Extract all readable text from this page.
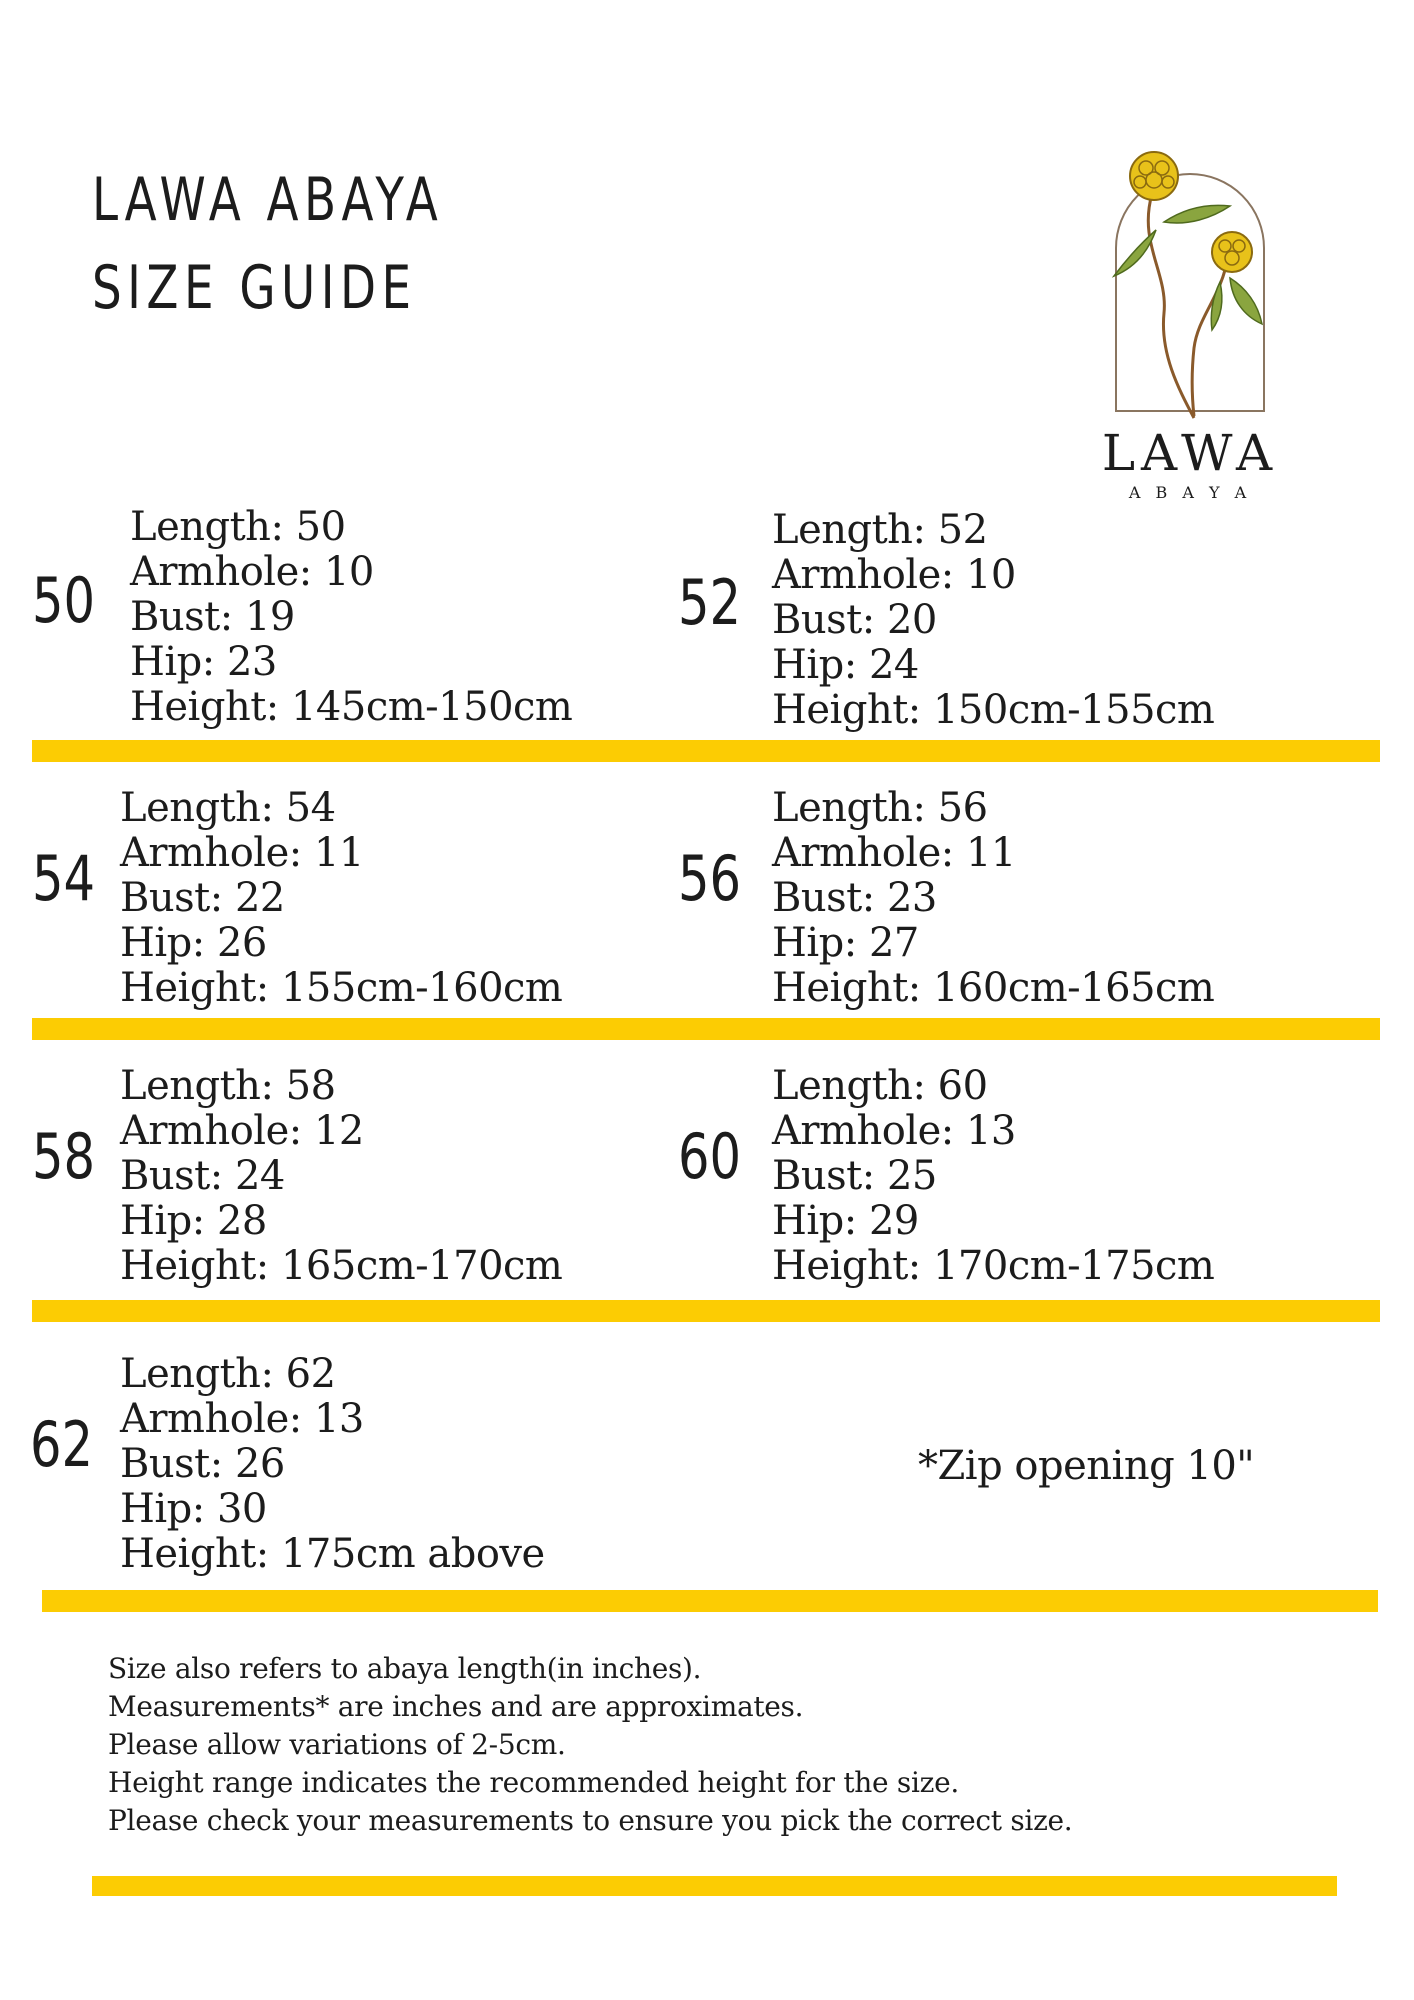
LAWA ABAYA
SIZE GUIDE
LAWA
A B A Y A
50
Length: 50
Armhole: 10
Bust: 19
Hip: 23
Height: 145cm-150cm
52
Length: 52
Armhole: 10
Bust: 20
Hip: 24
Height: 150cm-155cm
54
Length: 54
Armhole: 11
Bust: 22
Hip: 26
Height: 155cm-160cm
56
Length: 56
Armhole: 11
Bust: 23
Hip: 27
Height: 160cm-165cm
58
Length: 58
Armhole: 12
Bust: 24
Hip: 28
Height: 165cm-170cm
60
Length: 60
Armhole: 13
Bust: 25
Hip: 29
Height: 170cm-175cm
62
Length: 62
Armhole: 13
Bust: 26
Hip: 30
Height: 175cm above
*Zip opening 10"
Size also refers to abaya length(in inches).
Measurements* are inches and are approximates.
Please allow variations of 2-5cm.
Height range indicates the recommended height for the size.
Please check your measurements to ensure you pick the correct size.
